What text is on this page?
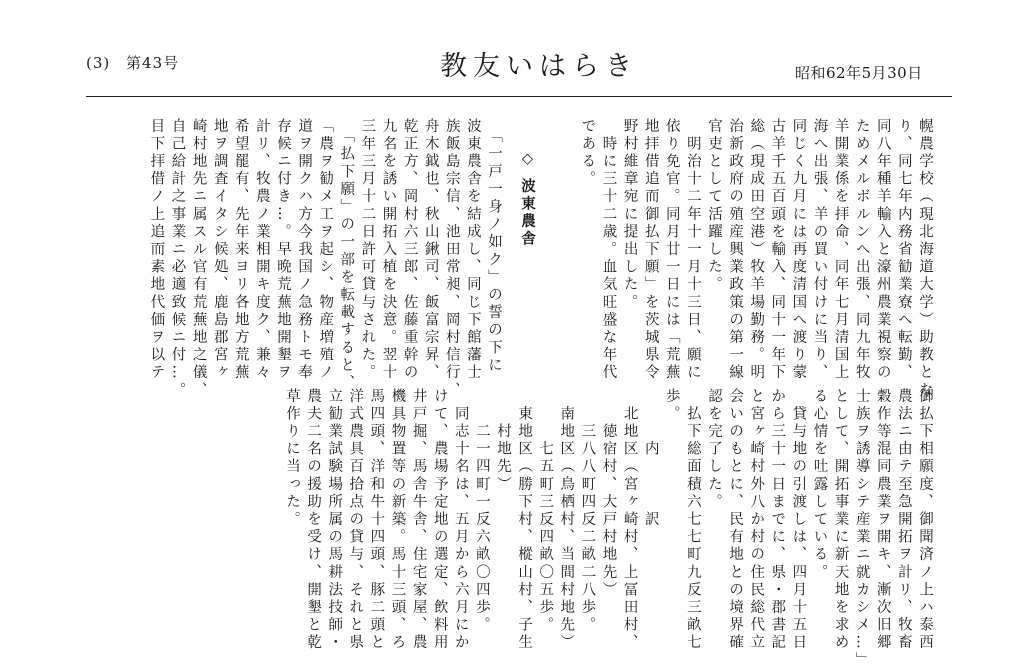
(3) 第43号	教友いはらき	昭和62年5月30日
幌農学校（現北海道大学）助教とな
り、同七年内務省勧業寮へ転勤、
同八年種羊輸入と濠州農業視察の
ためメルボルンへ出張、同九年牧
羊開業係を拝命、同年七月清国上
海へ出張、羊の買い付けに当り、
同じく九月には再度清国へ渡り蒙
古羊千五百頭を輸入、同十一年下
総（現成田空港）牧羊場勤務。明
治新政府の殖産興業政策の第一線
官吏として活躍した。
　明治十二年十一月十三日、願に
依り免官。同月廿一日には「荒蕪
地拝借追而御払下願」を茨城県令
野村維章宛に提出した。
　時に三十二歳。血気旺盛な年代
である。
◇波東農舎
　「一戸一身ノ如ク」の誓の下に
波東農舎を結成し、同じ下館藩士
族飯島宗信、池田常昶、岡村信行、
舟木鉞也、秋山鍬司、飯富宗昇、
乾正方、岡村六三郎、佐藤重幹の
九名を誘い開拓入植を決意。翌十
三年三月十二日許可貸与された。
　「払下願」の一部を転載すると、
「農ヲ勧メ工ヲ起シ、物産増殖ノ
道ヲ開クハ方今我国ノ急務トモ奉
存候ニ付き…。早晩荒蕪地開墾ヲ
計リ、牧農ノ業相開キ度ク、兼々
希望罷有、先年来ヨリ各地方荒蕪
地ヲ調査イタシ候処、鹿島郡宮ヶ
崎村地先ニ属スル官有荒蕪地之儀、
自己給計之事業ニ必適致候ニ付…。
目下拝借ノ上追而素地代価ヲ以テ
御払下相願度、御聞済ノ上ハ泰西
農法ニ由テ至急開拓ヲ計リ、牧畜
穀作等混同農業ヲ開キ、漸次旧郷
士族ヲ誘導シテ産業ニ就カシメ…」
として、開拓事業に新天地を求め
る心情を吐露している。
　貸与地の引渡しは、四月十五日
から三十一日までに、県・郡書記
と宮ヶ崎村外八か村の住民総代立
会いのもとに、民有地との境界確
認を完了した。
　払下総面積六七七町九反三畝七
歩。
　　　内　　　訳
　北地区（宮ヶ崎村、上冨田村、
　　徳宿村、大戸村地先）
　　三八八町四反二畝二八歩。
　南地区（鳥栖村、当間村地先）
　　　七五町三反四畝〇五歩。
　東地区（勝下村、樅山村、子生
　　村地先）
　　二一四町一反六畝〇四歩。
　同志十名は、五月から六月にか
けて、農場予定地の選定、飲料用
井戸掘、馬舎牛舎、住宅家屋、農
機具物置等の新築。馬十三頭、ろ
馬四頭、洋和牛十四頭、豚二頭と
洋式農具百拾点の貸与、それと県
立勧業試験場所属の馬耕法技師・
農夫二名の援助を受け、開墾と乾
草作りに当った。
